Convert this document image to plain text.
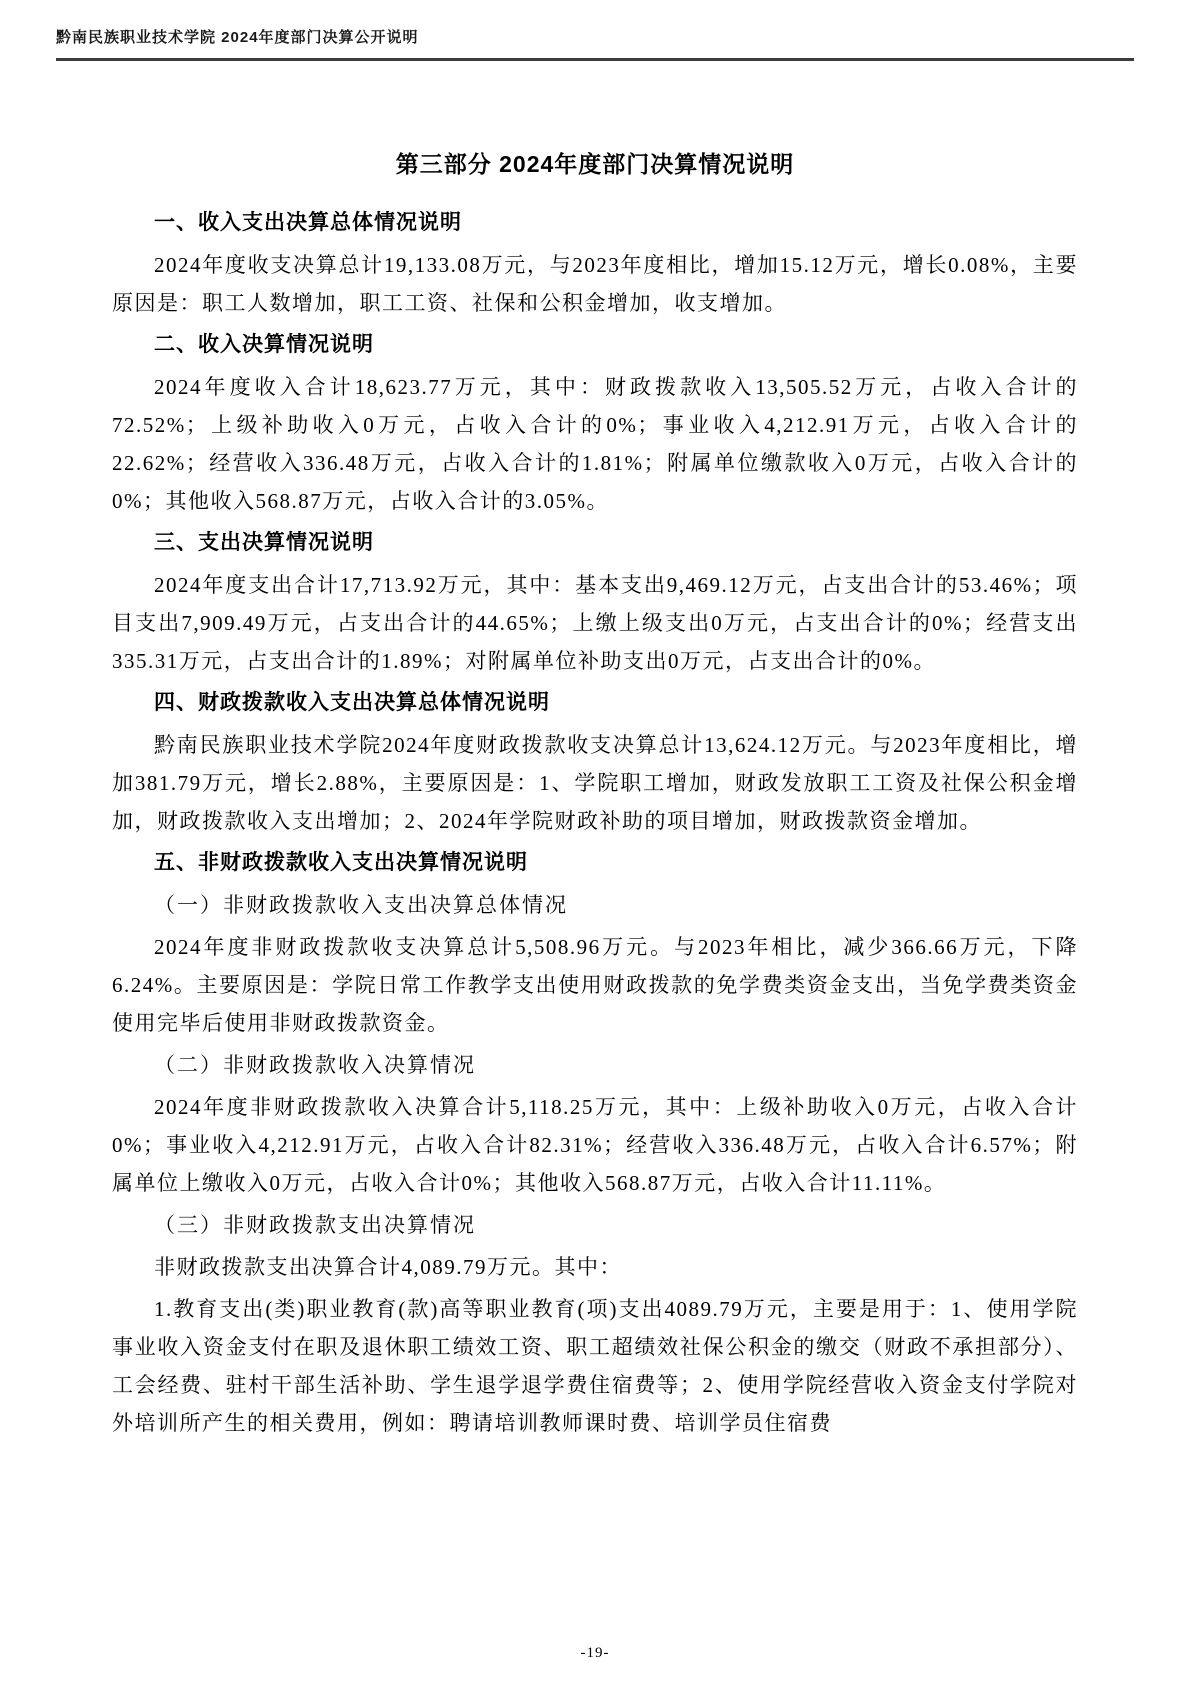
黔南民族职业技术学院 2024年度部门决算公开说明
第三部分 2024年度部门决算情况说明
一、收入支出决算总体情况说明
2024年度收支决算总计19,133.08万元，与2023年度相比，增加15.12万元，增长0.08%，主要原因是：职工人数增加，职工工资、社保和公积金增加，收支增加。
二、收入决算情况说明
2024年度收入合计18,623.77万元，其中：财政拨款收入13,505.52万元，占收入合计的72.52%；上级补助收入0万元，占收入合计的0%；事业收入4,212.91万元，占收入合计的22.62%；经营收入336.48万元，占收入合计的1.81%；附属单位缴款收入0万元，占收入合计的0%；其他收入568.87万元，占收入合计的3.05%。
三、支出决算情况说明
2024年度支出合计17,713.92万元，其中：基本支出9,469.12万元，占支出合计的53.46%；项目支出7,909.49万元，占支出合计的44.65%；上缴上级支出0万元，占支出合计的0%；经营支出335.31万元，占支出合计的1.89%；对附属单位补助支出0万元，占支出合计的0%。
四、财政拨款收入支出决算总体情况说明
黔南民族职业技术学院2024年度财政拨款收支决算总计13,624.12万元。与2023年度相比，增加381.79万元，增长2.88%，主要原因是：1、学院职工增加，财政发放职工工资及社保公积金增加，财政拨款收入支出增加；2、2024年学院财政补助的项目增加，财政拨款资金增加。
五、非财政拨款收入支出决算情况说明
（一）非财政拨款收入支出决算总体情况
2024年度非财政拨款收支决算总计5,508.96万元。与2023年相比，减少366.66万元，下降6.24%。主要原因是：学院日常工作教学支出使用财政拨款的免学费类资金支出，当免学费类资金使用完毕后使用非财政拨款资金。
（二）非财政拨款收入决算情况
2024年度非财政拨款收入决算合计5,118.25万元，其中：上级补助收入0万元，占收入合计0%；事业收入4,212.91万元，占收入合计82.31%；经营收入336.48万元，占收入合计6.57%；附属单位上缴收入0万元，占收入合计0%；其他收入568.87万元，占收入合计11.11%。
（三）非财政拨款支出决算情况
非财政拨款支出决算合计4,089.79万元。其中：
1.教育支出(类)职业教育(款)高等职业教育(项)支出4089.79万元，主要是用于：1、使用学院事业收入资金支付在职及退休职工绩效工资、职工超绩效社保公积金的缴交（财政不承担部分）、工会经费、驻村干部生活补助、学生退学退学费住宿费等；2、使用学院经营收入资金支付学院对外培训所产生的相关费用，例如：聘请培训教师课时费、培训学员住宿费
-19-
